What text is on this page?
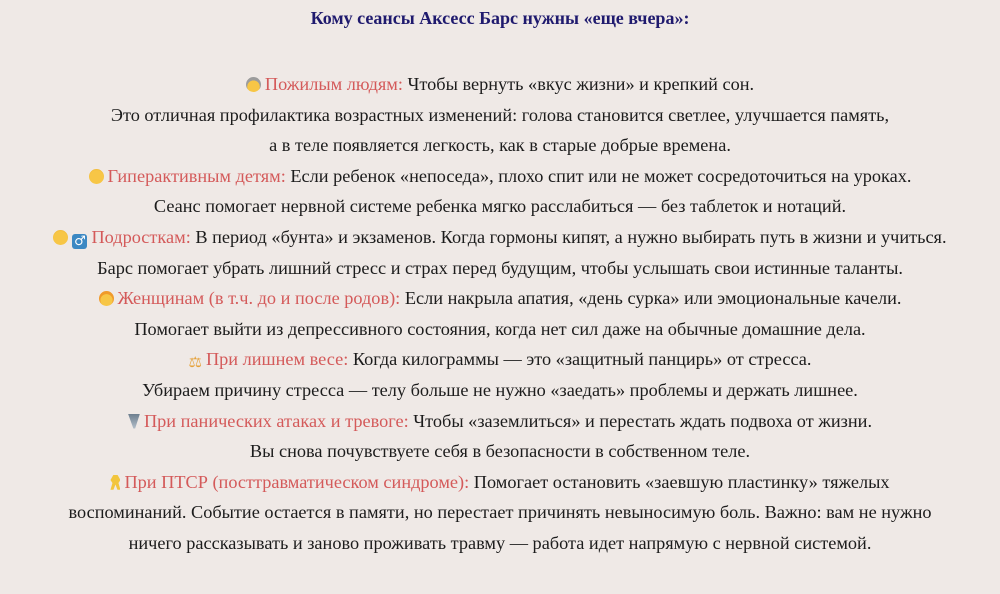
Кому сеансы Аксесс Барс нужны «еще вчера»:
Пожилым людям: Чтобы вернуть «вкус жизни» и крепкий сон.
Это отличная профилактика возрастных изменений: голова становится светлее, улучшается память,
а в теле появляется легкость, как в старые добрые времена.
Гиперактивным детям: Если ребенок «непоседа», плохо спит или не может сосредоточиться на уроках.
Сеанс помогает нервной системе ребенка мягко расслабиться — без таблеток и нотаций.
♂ Подросткам: В период «бунта» и экзаменов. Когда гормоны кипят, а нужно выбирать путь в жизни и учиться.
Барс помогает убрать лишний стресс и страх перед будущим, чтобы услышать свои истинные таланты.
Женщинам (в т.ч. до и после родов): Если накрыла апатия, «день сурка» или эмоциональные качели.
Помогает выйти из депрессивного состояния, когда нет сил даже на обычные домашние дела.
⚖ При лишнем весе: Когда килограммы — это «защитный панцирь» от стресса.
Убираем причину стресса — телу больше не нужно «заедать» проблемы и держать лишнее.
При панических атаках и тревоге: Чтобы «заземлиться» и перестать ждать подвоха от жизни.
Вы снова почувствуете себя в безопасности в собственном теле.
При ПТСР (посттравматическом синдроме): Помогает остановить «заевшую пластинку» тяжелых
воспоминаний. Событие остается в памяти, но перестает причинять невыносимую боль. Важно: вам не нужно
ничего рассказывать и заново проживать травму — работа идет напрямую с нервной системой.
